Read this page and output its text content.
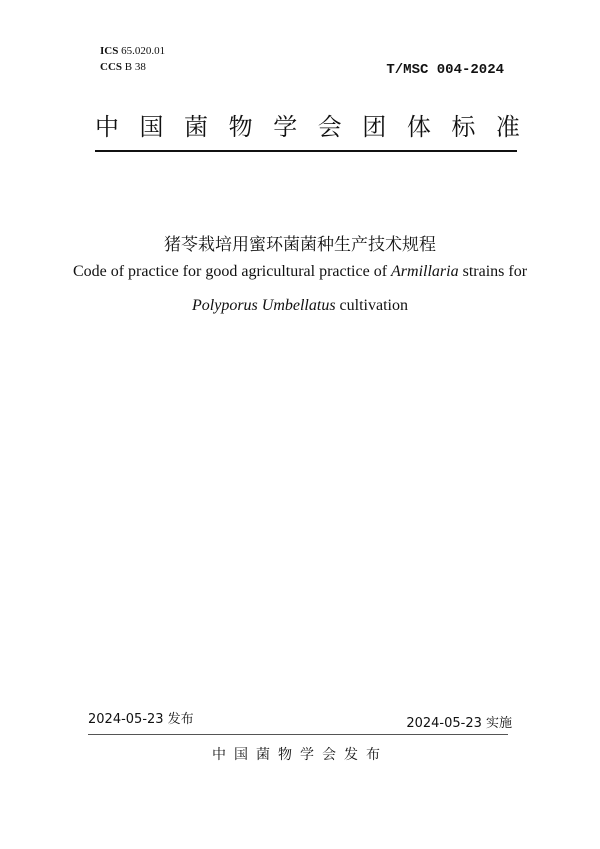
ICS 65.020.01
CCS B 38	T/MSC 004-2024
中 国 菌 物 学 会 团 体 标 准
猪苓栽培用蜜环菌菌种生产技术规程
Code of practice for good agricultural practice of Armillaria strains for
Polyporus Umbellatus cultivation
2024-05-23 发布	2024-05-23 实施
中国菌物学会发布
